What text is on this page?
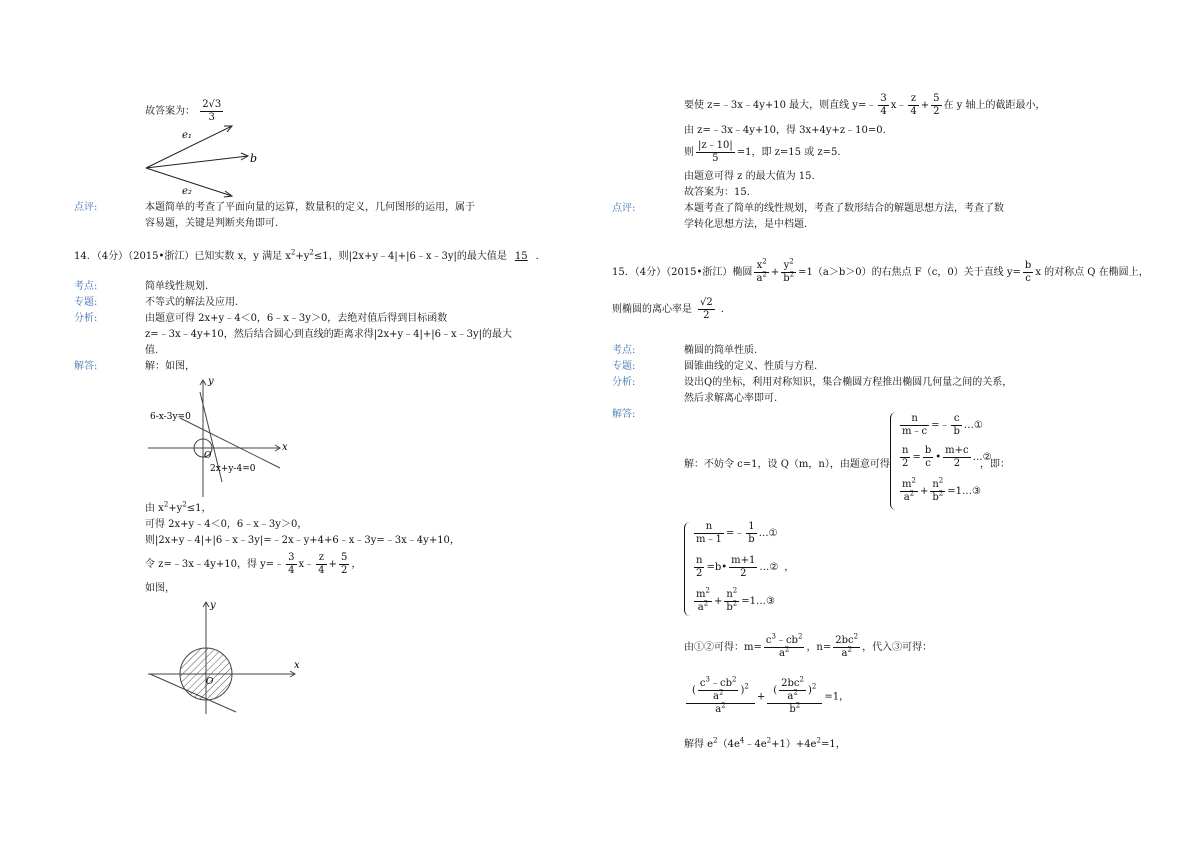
故答案为： $\frac{2√3}{3}$
e₁
b
e₂
点评:	本题简单的考查了平面向量的运算，数量积的定义，几何图形的运用，属于
容易题，关键是判断夹角即可.
14．（4分）（2015•浙江）已知实数 x，y 满足 $x^2+y^2\le 1$，则|2x+y﹣4|+|6﹣x﹣3y|的最大值是 15 ．
考点:	简单线性规划.
专题:	不等式的解法及应用.
分析:	由题意可得 2x+y﹣4＜0，6﹣x﹣3y＞0，去绝对值后得到目标函数
z=﹣3x﹣4y+10，然后结合圆心到直线的距离求得|2x+y﹣4|+|6﹣x﹣3y|的最大
值.
解答:	解：如图，
y
x
O
6-x-3y=0
2x+y-4=0
由 $x^2+y^2\le 1$，
可得 2x+y﹣4＜0，6﹣x﹣3y＞0，
则|2x+y﹣4|+|6﹣x﹣3y|=﹣2x﹣y+4+6﹣x﹣3y=﹣3x﹣4y+10，
令 z=﹣3x﹣4y+10，得 y=﹣ $\frac{3}{4}$ x﹣ $\frac{z}{4} + \frac{5}{2}$ ，
如图，
y
x
O
要使 z=﹣3x﹣4y+10 最大，则直线 y=﹣ $\frac{3}{4}$ x﹣ $\frac{z}{4} + \frac{5}{2}$ 在 y 轴上的截距最小，
由 z=﹣3x﹣4y+10，得 3x+4y+z﹣10=0.
则 $\frac{|z﹣10|}{5} =1$，即 z=15 或 z=5.
由题意可得 z 的最大值为 15.
故答案为：15.
点评:	本题考查了简单的线性规划，考查了数形结合的解题思想方法，考查了数
学转化思想方法，是中档题.
15．（4分）（2015•浙江）椭圆 $\frac{x^2}{a^2} + \frac{y^2}{b^2} =1(a>b>0)$的右焦点 F（c，0）关于直线 $y= \frac{b}{c}$ x 的对称点 Q 在椭圆上，
则椭圆的离心率是 $\frac{√2}{2}$ ．
考点:	椭圆的简单性质.
专题:	圆锥曲线的定义、性质与方程.
分析:	设出Q的坐标，利用对称知识，集合椭圆方程推出椭圆几何量之间的关系，
然后求解离心率即可.
解答:
解：不妨令 c=1，设 Q（m，n），由题意可得
$\frac{n}{m﹣c}$ =﹣ $\frac{c}{b}$ …①
$\frac{n}{2} = \frac{b}{c}$ • $\frac{m+c}{2}$ …②
$\frac{m^2}{a^2} + \frac{n^2}{b^2}$ =1…③
，即：
$\frac{n}{m﹣1}$ =﹣ $\frac{1}{b}$ …①
$\frac{n}{2}$ =b• $\frac{m+1}{2}$ …② ，
$\frac{m^2}{a^2} + \frac{n^2}{b^2}$ =1…③
由①②可得：$m= \frac{c^3﹣cb^2}{a^2}$ ，$n= \frac{2bc^2}{a^2}$ ，代入③可得：
$\frac{( \frac{c^3﹣cb^2}{a^2} )^2}{a^2} + \frac{( \frac{2bc^2}{a^2} )^2}{b^2} =1$，
解得 $e^2(4e^4﹣4e^2+1)+4e^2=1$，
